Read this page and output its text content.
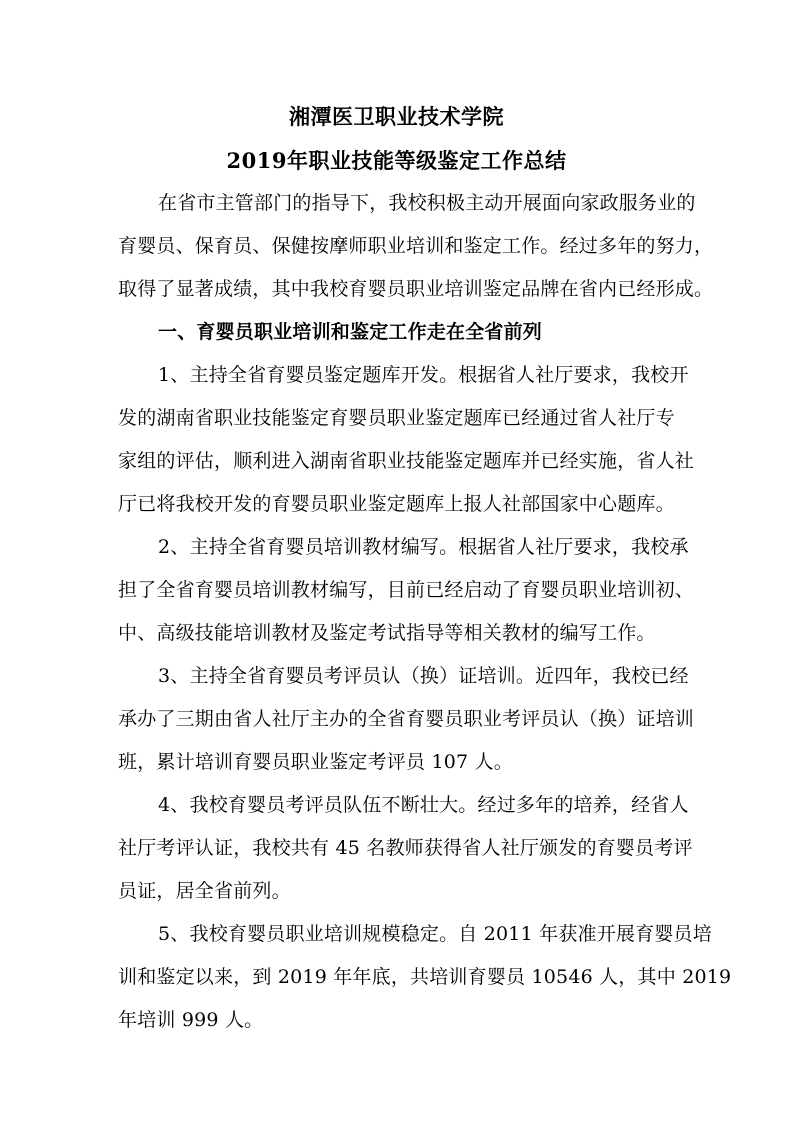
湘潭医卫职业技术学院
2019年职业技能等级鉴定工作总结
在省市主管部门的指导下，我校积极主动开展面向家政服务业的
育婴员、保育员、保健按摩师职业培训和鉴定工作。经过多年的努力，
取得了显著成绩，其中我校育婴员职业培训鉴定品牌在省内已经形成。
一、育婴员职业培训和鉴定工作走在全省前列
1、主持全省育婴员鉴定题库开发。根据省人社厅要求，我校开
发的湖南省职业技能鉴定育婴员职业鉴定题库已经通过省人社厅专
家组的评估，顺利进入湖南省职业技能鉴定题库并已经实施，省人社
厅已将我校开发的育婴员职业鉴定题库上报人社部国家中心题库。
2、主持全省育婴员培训教材编写。根据省人社厅要求，我校承
担了全省育婴员培训教材编写，目前已经启动了育婴员职业培训初、
中、高级技能培训教材及鉴定考试指导等相关教材的编写工作。
3、主持全省育婴员考评员认（换）证培训。近四年，我校已经
承办了三期由省人社厅主办的全省育婴员职业考评员认（换）证培训
班，累计培训育婴员职业鉴定考评员 107 人。
4、我校育婴员考评员队伍不断壮大。经过多年的培养，经省人
社厅考评认证，我校共有 45 名教师获得省人社厅颁发的育婴员考评
员证，居全省前列。
5、我校育婴员职业培训规模稳定。自 2011 年获准开展育婴员培
训和鉴定以来，到 2019 年年底，共培训育婴员 10546 人，其中 2019
年培训 999 人。
